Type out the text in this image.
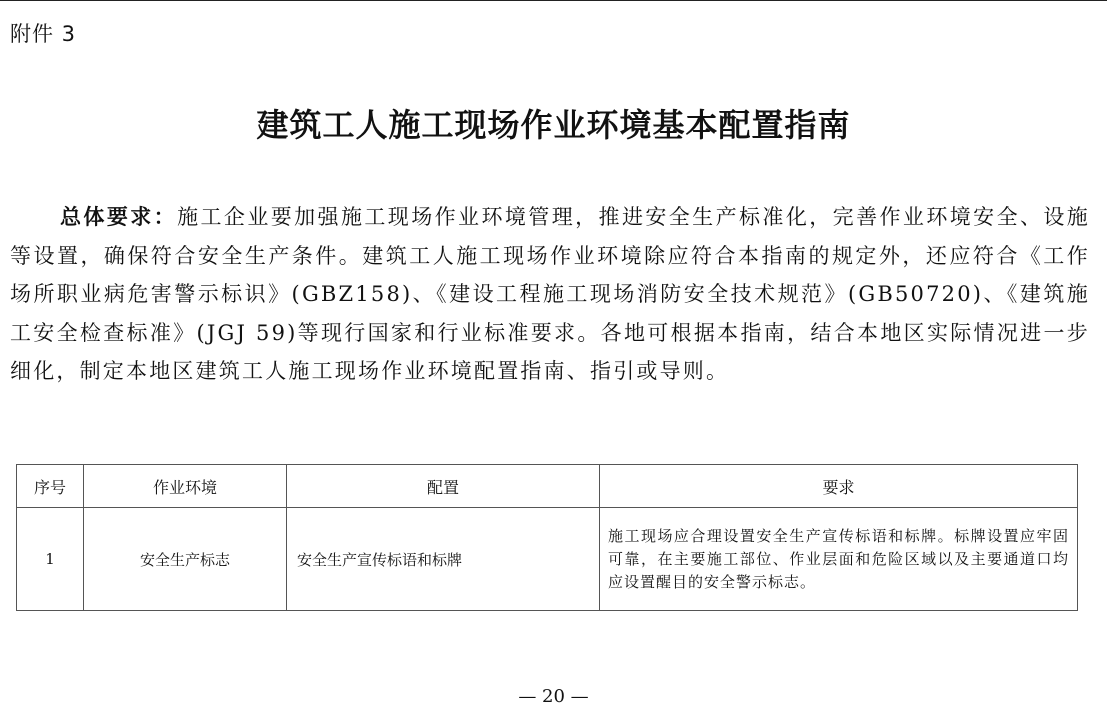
附件 3
建筑工人施工现场作业环境基本配置指南
总体要求：施工企业要加强施工现场作业环境管理，推进安全生产标准化，完善作业环境安全、设施等设置，确保符合安全生产条件。建筑工人施工现场作业环境除应符合本指南的规定外，还应符合《工作场所职业病危害警示标识》(GBZ158)、《建设工程施工现场消防安全技术规范》(GB50720)、《建筑施工安全检查标准》(JGJ 59)等现行国家和行业标准要求。各地可根据本指南，结合本地区实际情况进一步细化，制定本地区建筑工人施工现场作业环境配置指南、指引或导则。
序号	作业环境	配置	要求
1	安全生产标志	安全生产宣传标语和标牌	施工现场应合理设置安全生产宣传标语和标牌。标牌设置应牢固可靠，在主要施工部位、作业层面和危险区域以及主要通道口均应设置醒目的安全警示标志。
— 20 —
